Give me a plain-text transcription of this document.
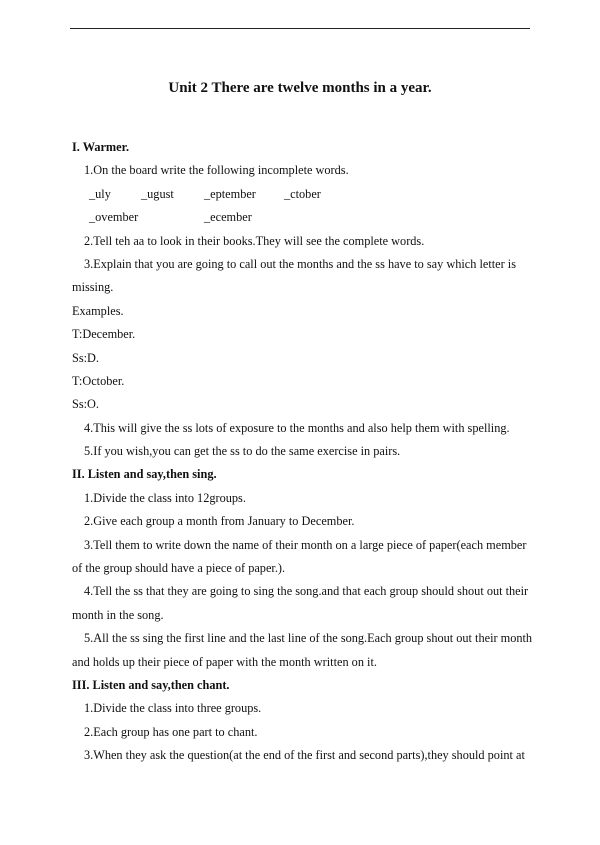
Unit 2 There are twelve months in a year.
I. Warmer.
1.On the board write the following incomplete words.
_uly _ugust _eptember _ctober
_ovember	_ecember
2.Tell teh aa to look in their books.They will see the complete words.
3.Explain that you are going to call out the months and the ss have to say which letter is
missing.
Examples.
T:December.
Ss:D.
T:October.
Ss:O.
4.This will give the ss lots of exposure to the months and also help them with spelling.
5.If you wish,you can get the ss to do the same exercise in pairs.
II. Listen and say,then sing.
1.Divide the class into 12groups.
2.Give each group a month from January to December.
3.Tell them to write down the name of their month on a large piece of paper(each member
of the group should have a piece of paper.).
4.Tell the ss that they are going to sing the song.and that each group should shout out their
month in the song.
5.All the ss sing the first line and the last line of the song.Each group shout out their month
and holds up their piece of paper with the month written on it.
III. Listen and say,then chant.
1.Divide the class into three groups.
2.Each group has one part to chant.
3.When they ask the question(at the end of the first and second parts),they should point at
